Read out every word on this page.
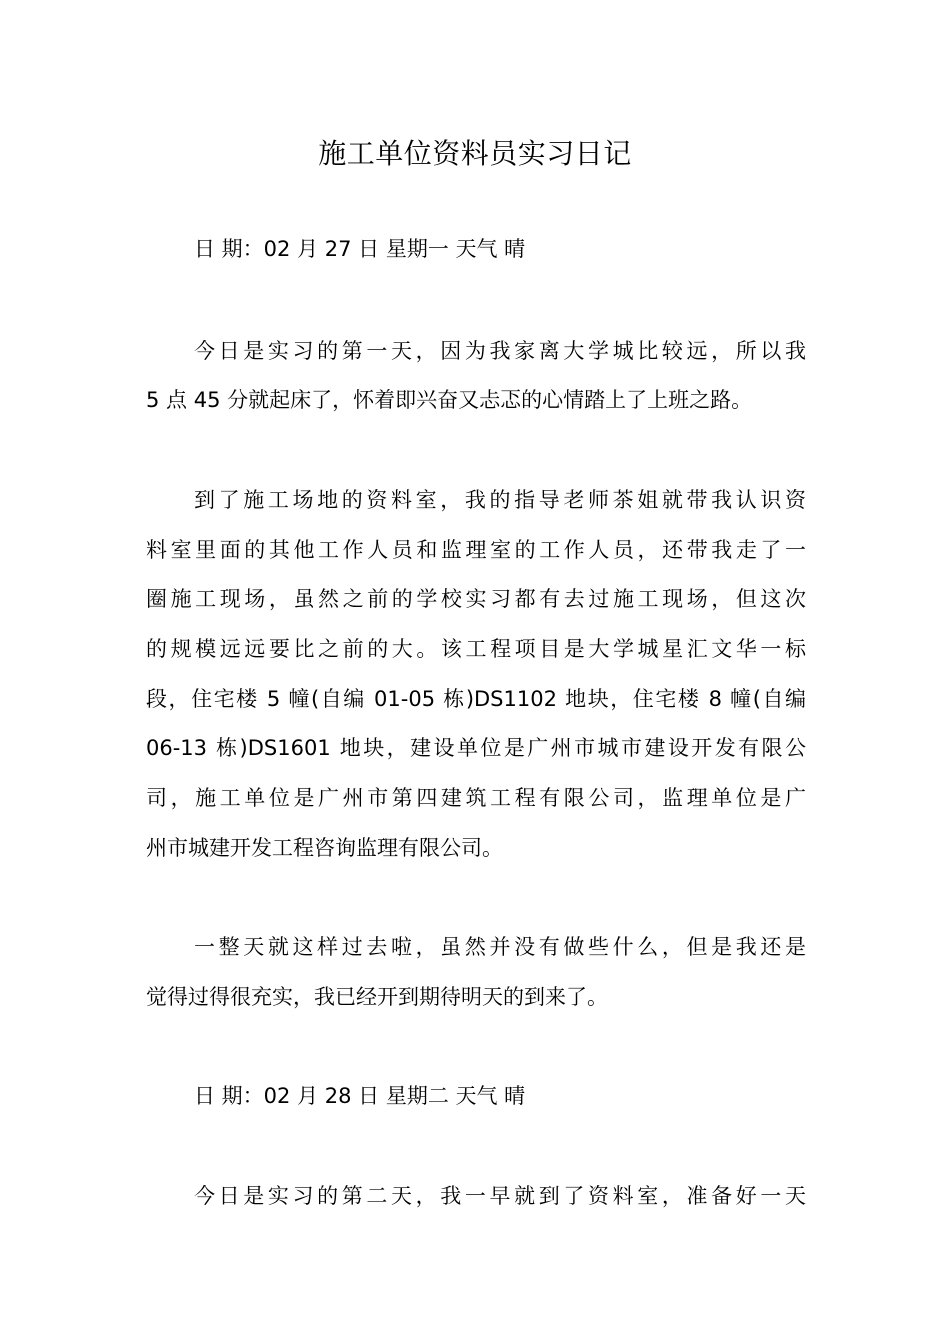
施工单位资料员实习日记

日 期：02 月 27 日 星期一 天气 晴

今日是实习的第一天，因为我家离大学城比较远，所以我

5 点 45 分就起床了，怀着即兴奋又忐忑的心情踏上了上班之路。

到了施工场地的资料室，我的指导老师茶姐就带我认识资

料室里面的其他工作人员和监理室的工作人员，还带我走了一

圈施工现场，虽然之前的学校实习都有去过施工现场，但这次

的规模远远要比之前的大。该工程项目是大学城星汇文华一标

段，住宅楼 5 幢(自编 01-05 栋)DS1102 地块，住宅楼 8 幢(自编

06-13 栋)DS1601 地块，建设单位是广州市城市建设开发有限公

司，施工单位是广州市第四建筑工程有限公司，监理单位是广

州市城建开发工程咨询监理有限公司。

一整天就这样过去啦，虽然并没有做些什么，但是我还是

觉得过得很充实，我已经开到期待明天的到来了。

日 期：02 月 28 日 星期二 天气 晴

今日是实习的第二天，我一早就到了资料室，准备好一天
